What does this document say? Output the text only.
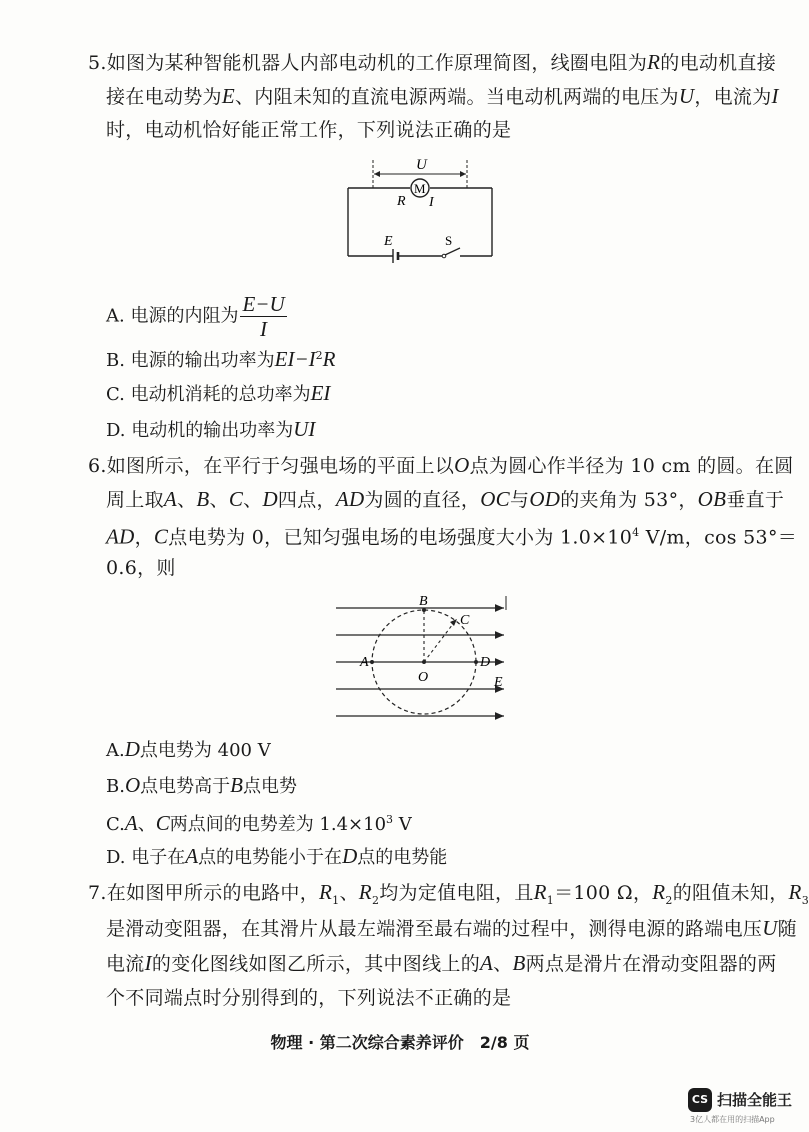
5.如图为某种智能机器人内部电动机的工作原理简图，线圈电阻为R的电动机直接
接在电动势为E、内阻未知的直流电源两端。当电动机两端的电压为U，电流为I
时，电动机恰好能正常工作，下列说法正确的是
U
M
R I
E	S
A. 电源的内阻为 $\frac{E-U}{I}$
B. 电源的输出功率为$EI-I^2R$
C. 电动机消耗的总功率为EI
D. 电动机的输出功率为UI
6.如图所示，在平行于匀强电场的平面上以O点为圆心作半径为 10 cm 的圆。在圆
周上取A、B、C、D四点，AD为圆的直径，OC与OD的夹角为 53°，OB垂直于
AD，C点电势为 0，已知匀强电场的电场强度大小为 $1.0\times 10^4$ V/m，cos 53°＝
0.6，则
B
C
A	D
O	E
A.D点电势为 400 V
B.O点电势高于B点电势
C.A、C两点间的电势差为 $1.4\times 10^3$ V
D. 电子在A点的电势能小于在D点的电势能
7.在如图甲所示的电路中，$R_1$、$R_2$均为定值电阻，且$R_1=100$ Ω，$R_2$的阻值未知，$R_3$
是滑动变阻器，在其滑片从最左端滑至最右端的过程中，测得电源的路端电压U随
电流I的变化图线如图乙所示，其中图线上的A、B两点是滑片在滑动变阻器的两
个不同端点时分别得到的，下列说法不正确的是
物理 · 第二次综合素养评价　2/8 页
CS 扫描全能王
3亿人都在用的扫描App
